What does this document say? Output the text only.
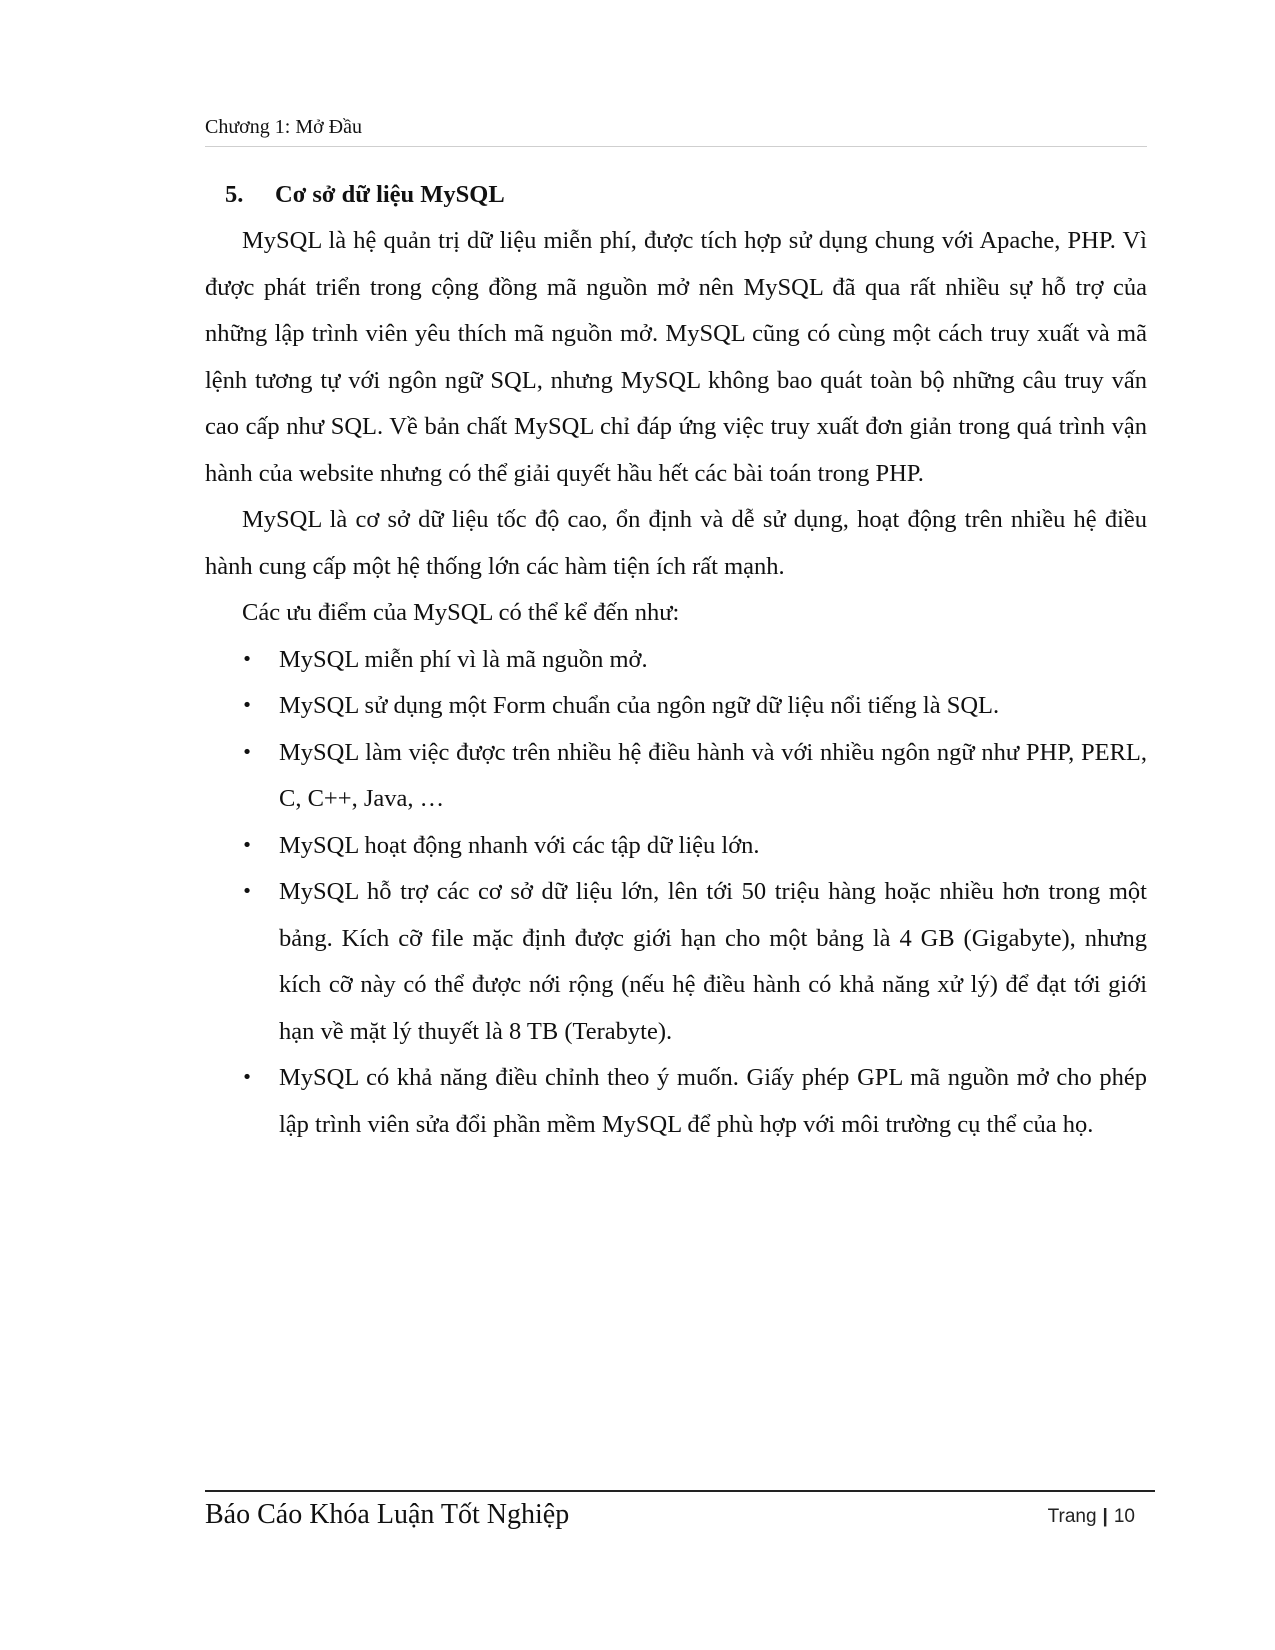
Chương 1: Mở Đầu
5. Cơ sở dữ liệu MySQL

MySQL là hệ quản trị dữ liệu miễn phí, được tích hợp sử dụng chung với Apache, PHP. Vì được phát triển trong cộng đồng mã nguồn mở nên MySQL đã qua rất nhiều sự hỗ trợ của những lập trình viên yêu thích mã nguồn mở. MySQL cũng có cùng một cách truy xuất và mã lệnh tương tự với ngôn ngữ SQL, nhưng MySQL không bao quát toàn bộ những câu truy vấn cao cấp như SQL. Về bản chất MySQL chỉ đáp ứng việc truy xuất đơn giản trong quá trình vận hành của website nhưng có thể giải quyết hầu hết các bài toán trong PHP.

MySQL là cơ sở dữ liệu tốc độ cao, ổn định và dễ sử dụng, hoạt động trên nhiều hệ điều hành cung cấp một hệ thống lớn các hàm tiện ích rất mạnh.

Các ưu điểm của MySQL có thể kể đến như:

• MySQL miễn phí vì là mã nguồn mở.
• MySQL sử dụng một Form chuẩn của ngôn ngữ dữ liệu nổi tiếng là SQL.
• MySQL làm việc được trên nhiều hệ điều hành và với nhiều ngôn ngữ như PHP, PERL, C, C++, Java, …
• MySQL hoạt động nhanh với các tập dữ liệu lớn.
• MySQL hỗ trợ các cơ sở dữ liệu lớn, lên tới 50 triệu hàng hoặc nhiều hơn trong một bảng. Kích cỡ file mặc định được giới hạn cho một bảng là 4 GB (Gigabyte), nhưng kích cỡ này có thể được nới rộng (nếu hệ điều hành có khả năng xử lý) để đạt tới giới hạn về mặt lý thuyết là 8 TB (Terabyte).
• MySQL có khả năng điều chỉnh theo ý muốn. Giấy phép GPL mã nguồn mở cho phép lập trình viên sửa đổi phần mềm MySQL để phù hợp với môi trường cụ thể của họ.
Báo Cáo Khóa Luận Tốt Nghiệp	Trang | 10
